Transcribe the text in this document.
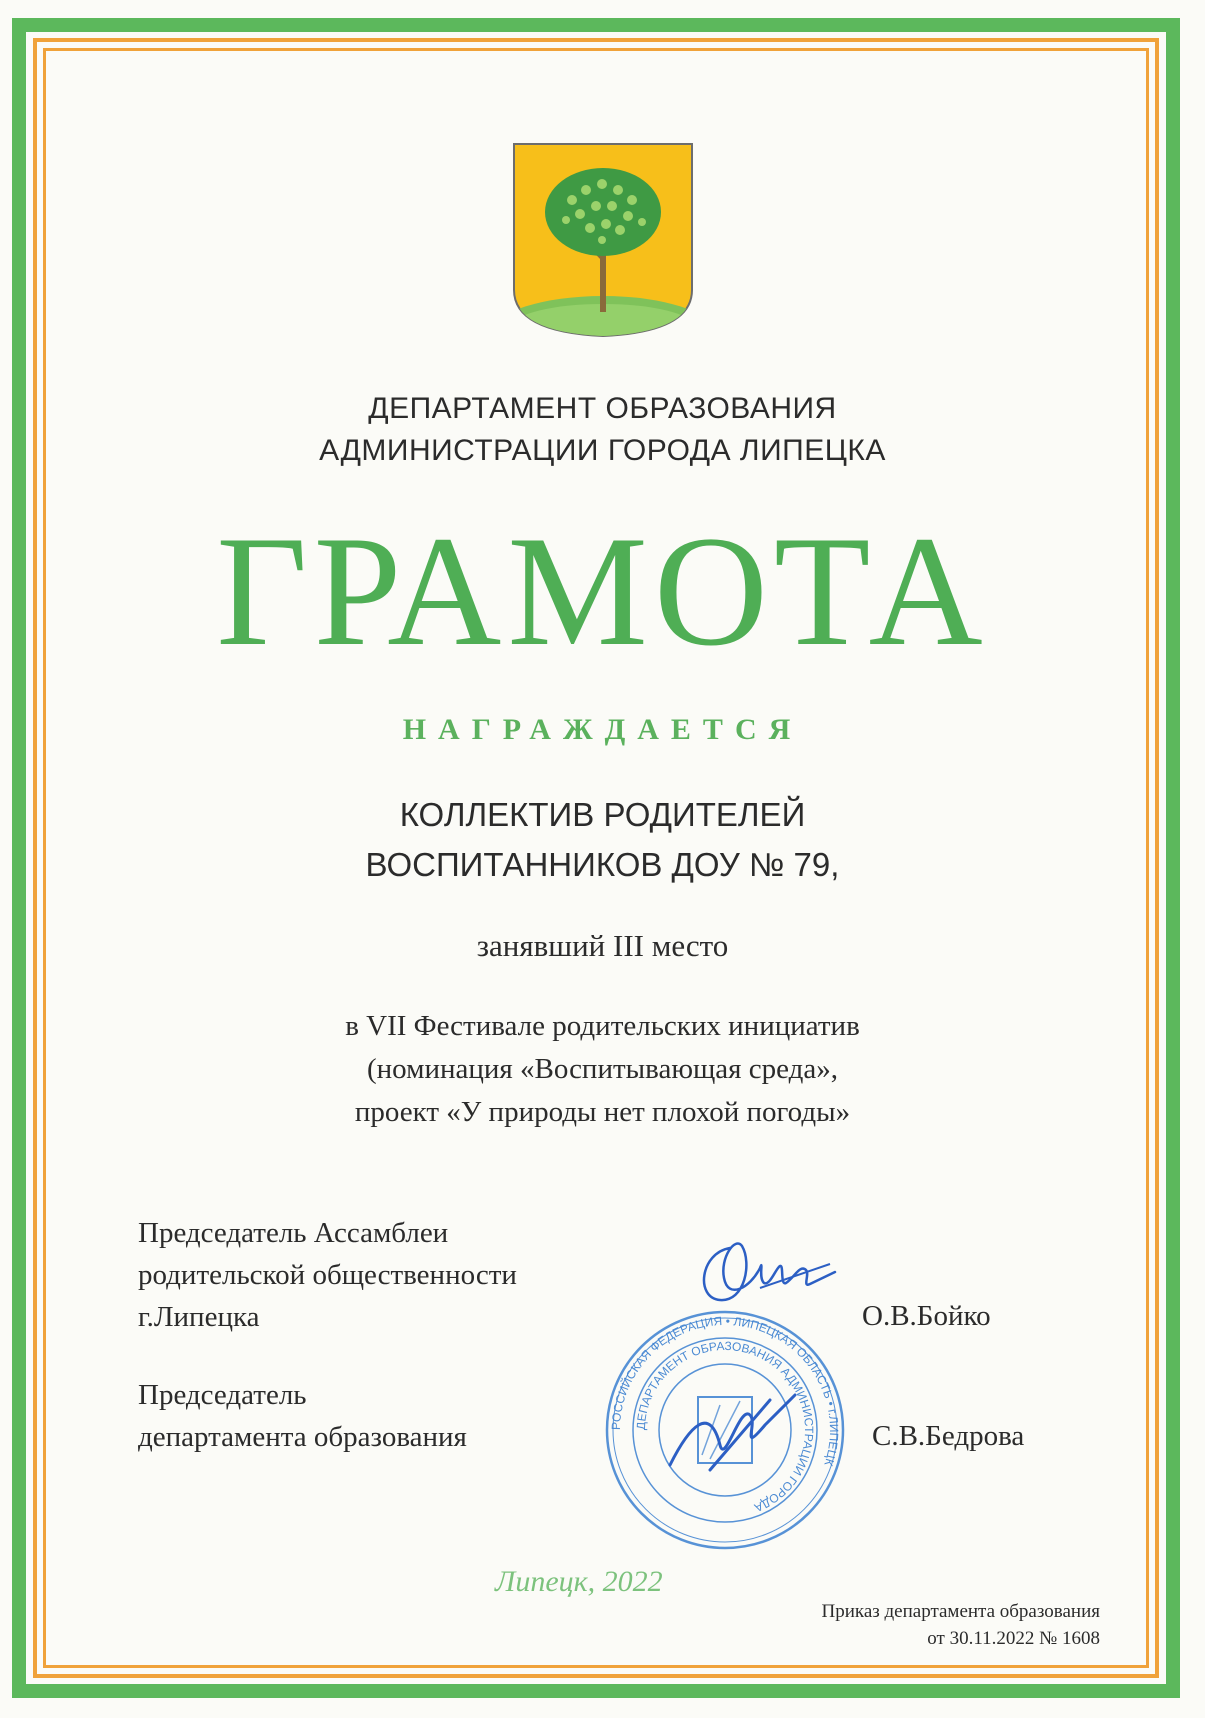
ДЕПАРТАМЕНТ ОБРАЗОВАНИЯ
АДМИНИСТРАЦИИ ГОРОДА ЛИПЕЦКА
ГРАМОТА
НАГРАЖДАЕТСЯ
КОЛЛЕКТИВ РОДИТЕЛЕЙ
ВОСПИТАННИКОВ ДОУ № 79,
занявший III место
в VII Фестивале родительских инициатив
(номинация «Воспитывающая среда»,
проект «У природы нет плохой погоды»
Председатель Ассамблеи
родительской общественности
г.Липецка	О.В.Бойко
Председатель
департамента образования	С.В.Бедрова
РОССИЙСКАЯ ФЕДЕРАЦИЯ • ЛИПЕЦКАЯ ОБЛАСТЬ • г.ЛИПЕЦК
ДЕПАРТАМЕНТ ОБРАЗОВАНИЯ АДМИНИСТРАЦИИ ГОРОДА
Липецк, 2022
Приказ департамента образования
от 30.11.2022 № 1608
